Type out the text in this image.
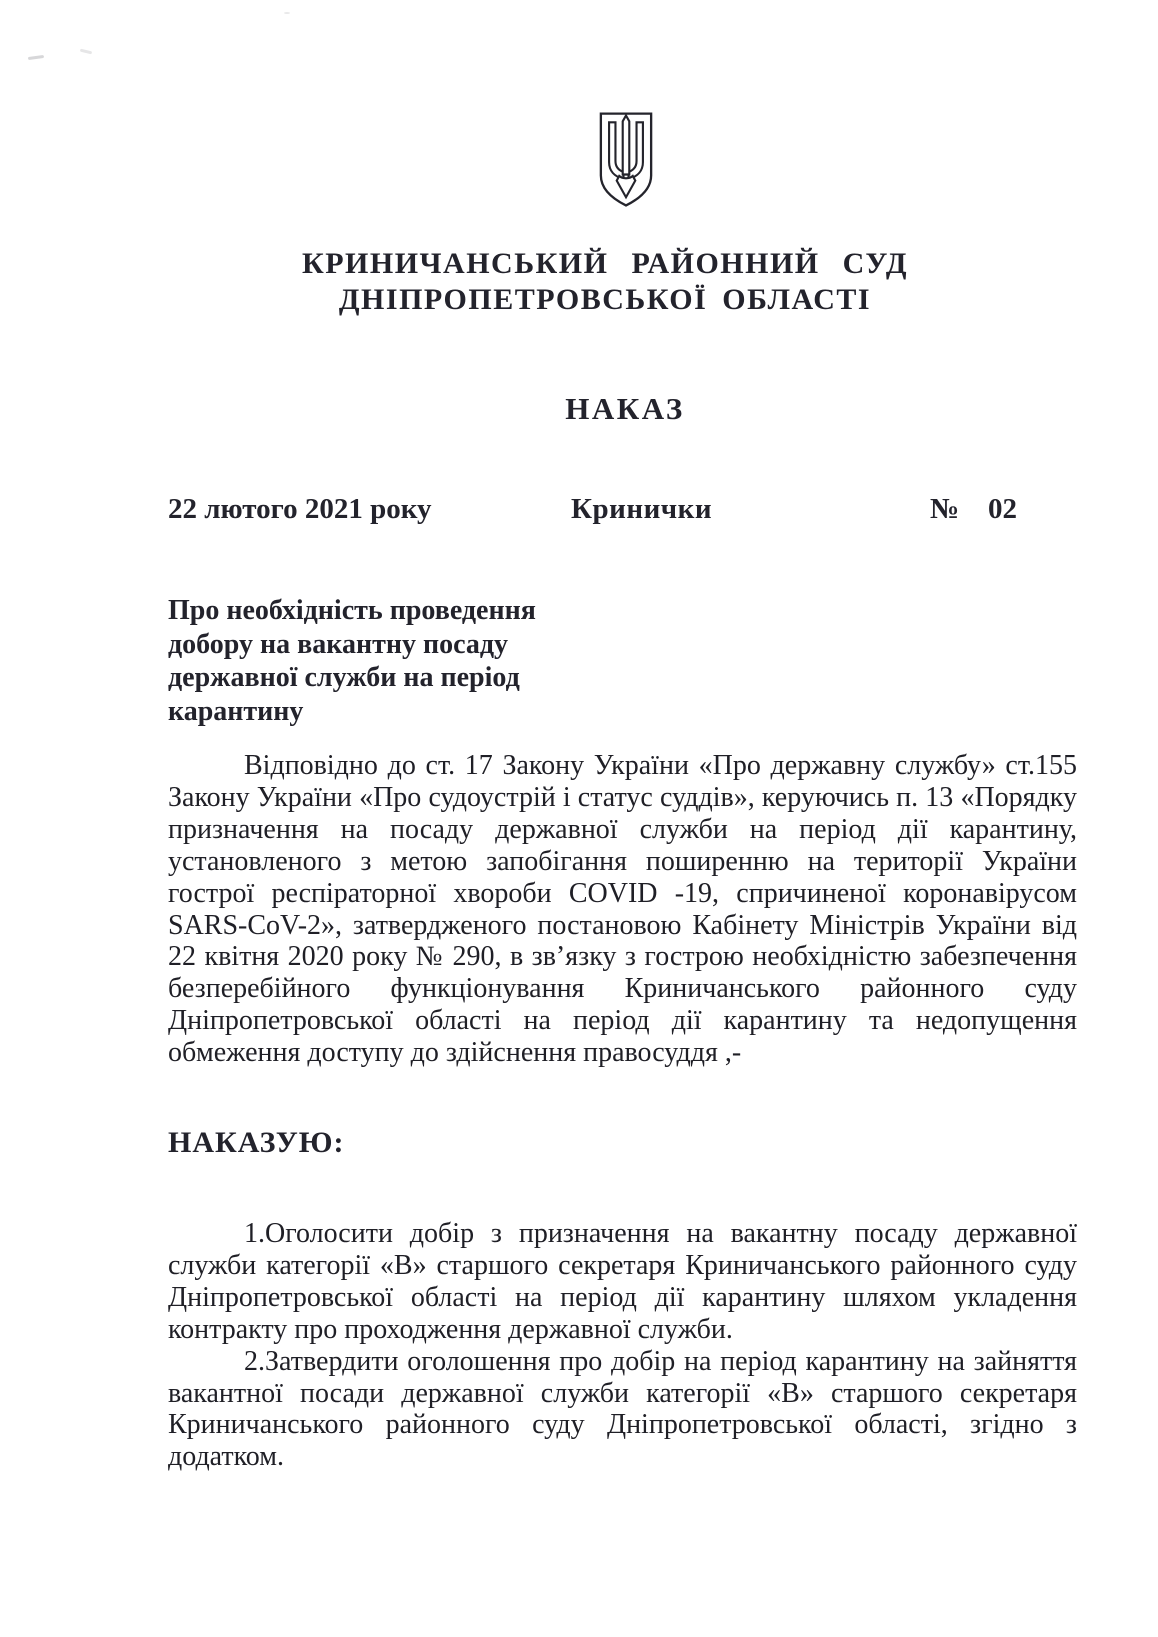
КРИНИЧАНСЬКИЙ РАЙОННИЙ СУД
ДНІПРОПЕТРОВСЬКОЇ ОБЛАСТІ
НАКАЗ
22 лютого 2021 року	Кринички	№ 02
Про необхідність проведення
добору на вакантну посаду
державної служби на період
карантину
Відповідно до ст. 17 Закону України «Про державну службу» ст.155 Закону України «Про судоустрій і статус суддів», керуючись п. 13 «Порядку призначення на посаду державної служби на період дії карантину, установленого з метою запобігання поширенню на території України гострої респіраторної хвороби COVID -19, спричиненої коронавірусом SARS-CoV-2», затвердженого постановою Кабінету Міністрів України від 22 квітня 2020 року № 290, в зв’язку з гострою необхідністю забезпечення безперебійного функціонування Криничанського районного суду Дніпропетровської області на період дії карантину та недопущення обмеження доступу до здійснення правосуддя ,-
НАКАЗУЮ:

1.Оголосити добір з призначення на вакантну посаду державної служби категорії «В» старшого секретаря Криничанського районного суду Дніпропетровської області на період дії карантину шляхом укладення контракту про проходження державної служби.

2.Затвердити оголошення про добір на період карантину на зайняття вакантної посади державної служби категорії «В» старшого секретаря Криничанського районного суду Дніпропетровської області, згідно з додатком.
